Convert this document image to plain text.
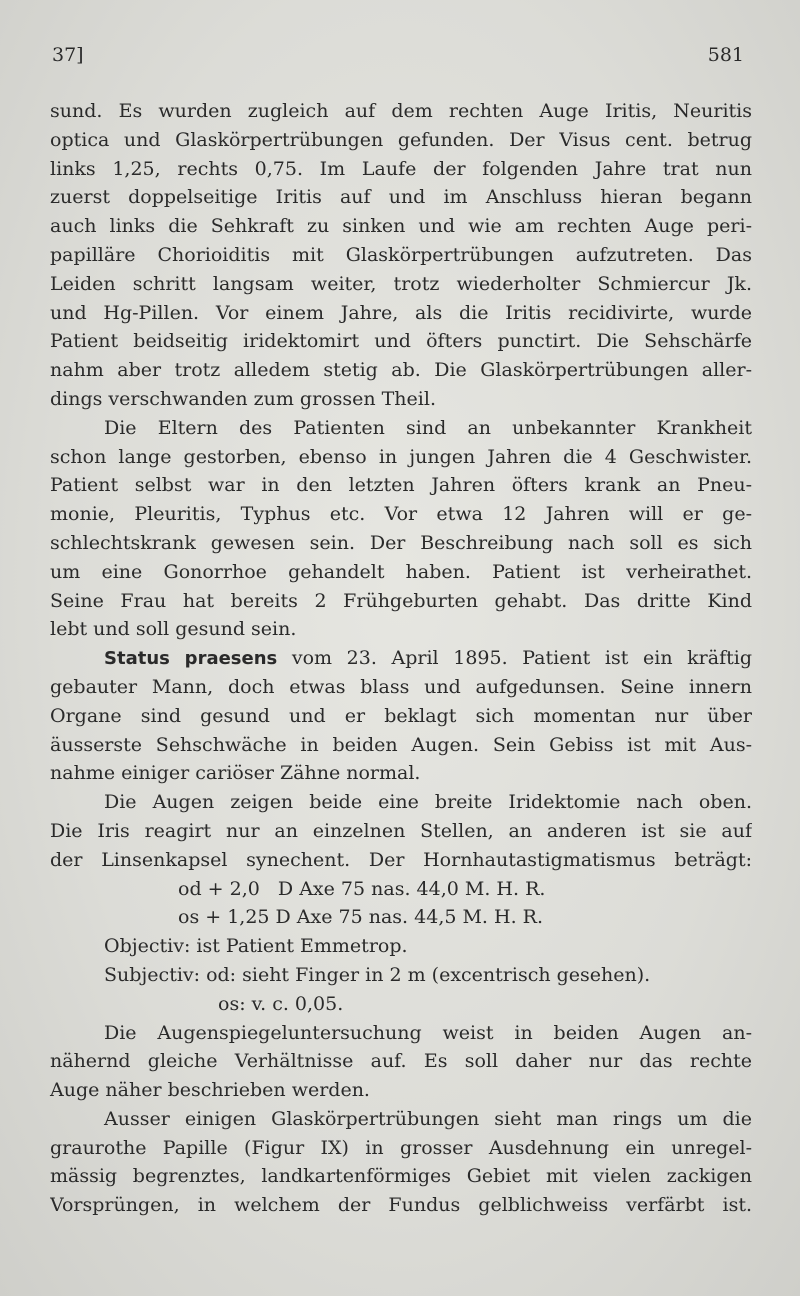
37]	581
sund. Es wurden zugleich auf dem rechten Auge Iritis, Neuritis
optica und Glaskörpertrübungen gefunden. Der Visus cent. betrug
links 1,25, rechts 0,75. Im Laufe der folgenden Jahre trat nun
zuerst doppelseitige Iritis auf und im Anschluss hieran begann
auch links die Sehkraft zu sinken und wie am rechten Auge peri-
papilläre Chorioiditis mit Glaskörpertrübungen aufzutreten. Das
Leiden schritt langsam weiter, trotz wiederholter Schmiercur Jk.
und Hg-Pillen. Vor einem Jahre, als die Iritis recidivirte, wurde
Patient beidseitig iridektomirt und öfters punctirt. Die Sehschärfe
nahm aber trotz alledem stetig ab. Die Glaskörpertrübungen aller-
dings verschwanden zum grossen Theil.
Die Eltern des Patienten sind an unbekannter Krankheit
schon lange gestorben, ebenso in jungen Jahren die 4 Geschwister.
Patient selbst war in den letzten Jahren öfters krank an Pneu-
monie, Pleuritis, Typhus etc. Vor etwa 12 Jahren will er ge-
schlechtskrank gewesen sein. Der Beschreibung nach soll es sich
um eine Gonorrhoe gehandelt haben. Patient ist verheirathet.
Seine Frau hat bereits 2 Frühgeburten gehabt. Das dritte Kind
lebt und soll gesund sein.
Status praesens vom 23. April 1895. Patient ist ein kräftig
gebauter Mann, doch etwas blass und aufgedunsen. Seine innern
Organe sind gesund und er beklagt sich momentan nur über
äusserste Sehschwäche in beiden Augen. Sein Gebiss ist mit Aus-
nahme einiger cariöser Zähne normal.
Die Augen zeigen beide eine breite Iridektomie nach oben.
Die Iris reagirt nur an einzelnen Stellen, an anderen ist sie auf
der Linsenkapsel synechent. Der Hornhautastigmatismus beträgt:
od + 2,0   D Axe 75 nas. 44,0 M. H. R.
os + 1,25 D Axe 75 nas. 44,5 M. H. R.
Objectiv: ist Patient Emmetrop.
Subjectiv: od: sieht Finger in 2 m (excentrisch gesehen).
os: v. c. 0,05.
Die Augenspiegeluntersuchung weist in beiden Augen an-
nähernd gleiche Verhältnisse auf. Es soll daher nur das rechte
Auge näher beschrieben werden.
Ausser einigen Glaskörpertrübungen sieht man rings um die
graurothe Papille (Figur IX) in grosser Ausdehnung ein unregel-
mässig begrenztes, landkartenförmiges Gebiet mit vielen zackigen
Vorsprüngen, in welchem der Fundus gelblichweiss verfärbt ist.
